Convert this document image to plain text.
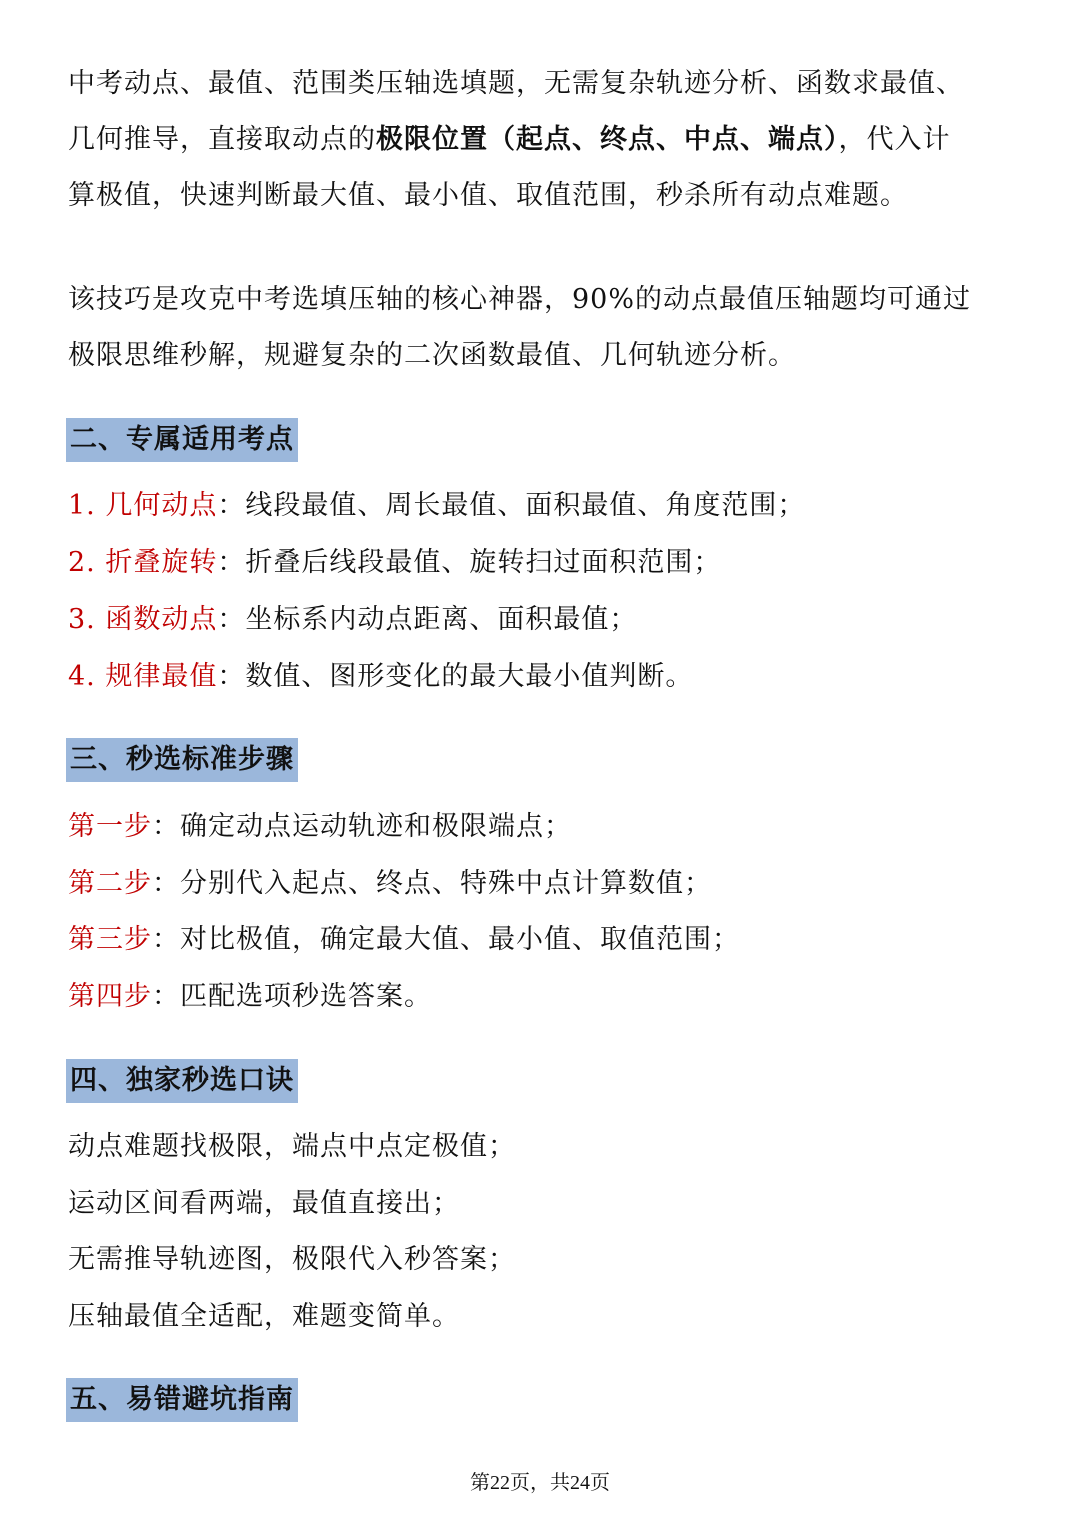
中考动点、最值、范围类压轴选填题，无需复杂轨迹分析、函数求最值、
几何推导，直接取动点的极限位置（起点、终点、中点、端点），代入计
算极值，快速判断最大值、最小值、取值范围，秒杀所有动点难题。
该技巧是攻克中考选填压轴的核心神器，90%的动点最值压轴题均可通过
极限思维秒解，规避复杂的二次函数最值、几何轨迹分析。
二、专属适用考点
1. 几何动点：线段最值、周长最值、面积最值、角度范围；
2. 折叠旋转：折叠后线段最值、旋转扫过面积范围；
3. 函数动点：坐标系内动点距离、面积最值；
4. 规律最值：数值、图形变化的最大最小值判断。
三、秒选标准步骤
第一步：确定动点运动轨迹和极限端点；
第二步：分别代入起点、终点、特殊中点计算数值；
第三步：对比极值，确定最大值、最小值、取值范围；
第四步：匹配选项秒选答案。
四、独家秒选口诀
动点难题找极限，端点中点定极值；
运动区间看两端，最值直接出；
无需推导轨迹图，极限代入秒答案；
压轴最值全适配，难题变简单。
五、易错避坑指南
第22页，共24页
